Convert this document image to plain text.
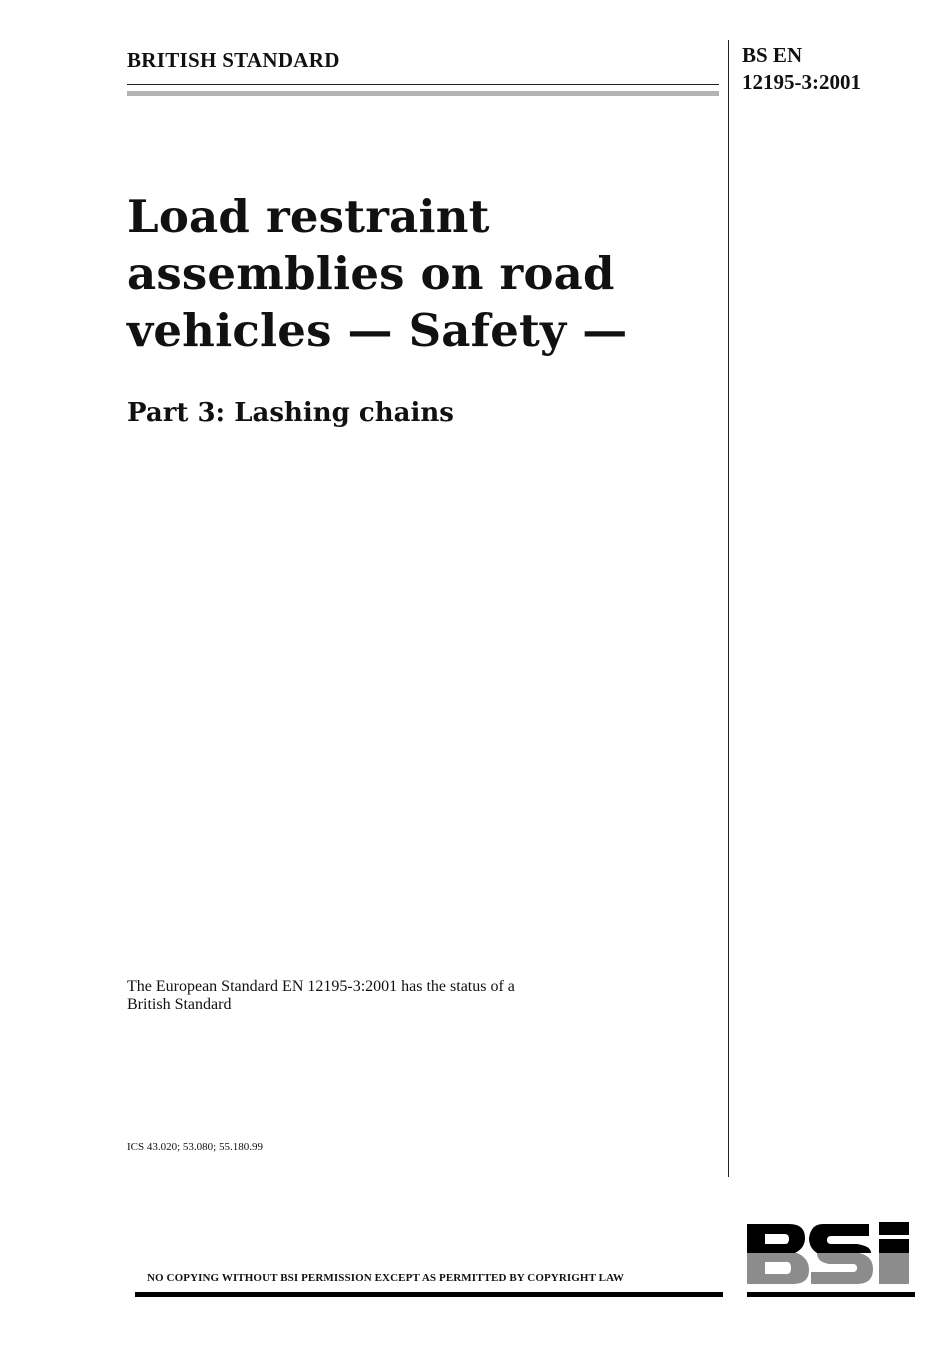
BRITISH STANDARD	BS EN
12195-3:2001
Load restraint
assemblies on road
vehicles — Safety —
Part 3: Lashing chains
The European Standard EN 12195-3:2001 has the status of a
British Standard
ICS 43.020; 53.080; 55.180.99
NO COPYING WITHOUT BSI PERMISSION EXCEPT AS PERMITTED BY COPYRIGHT LAW
